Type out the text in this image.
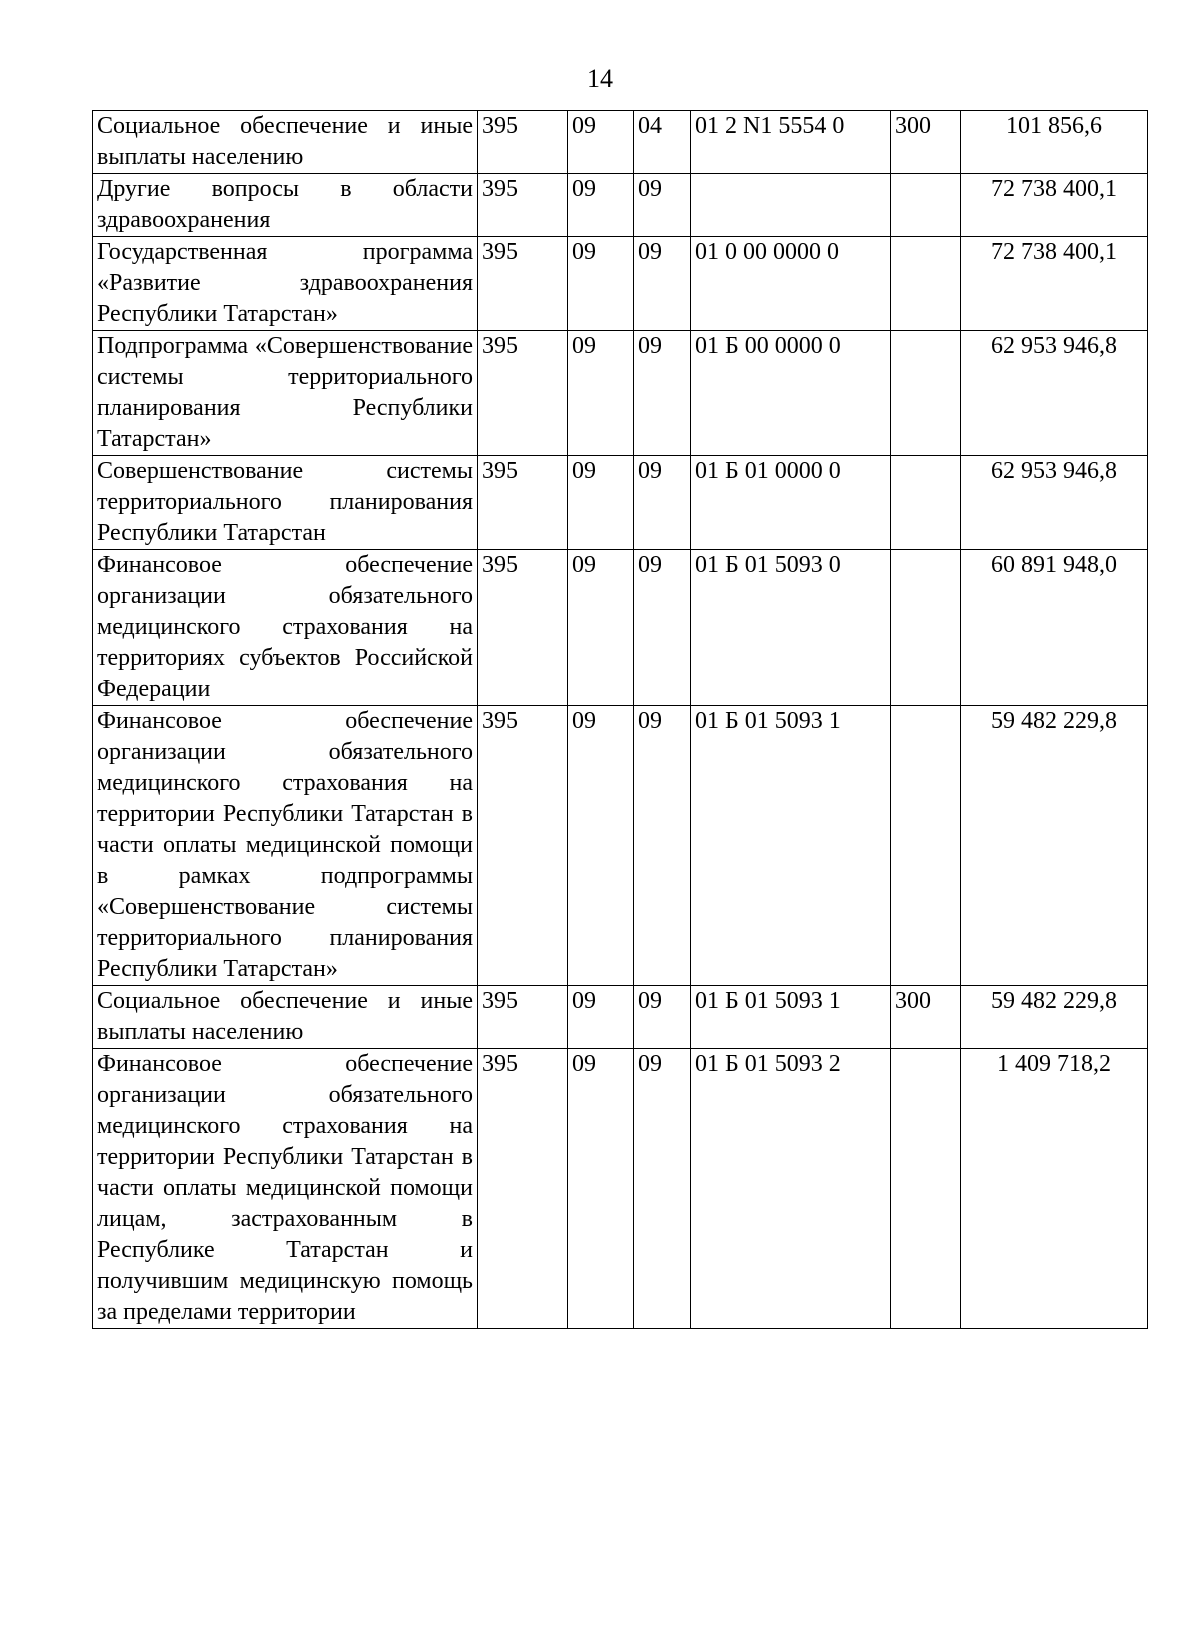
14
Социальное обеспечение и иные выплаты населению	395	09	04	01 2 N1 5554 0	300	101 856,6
Другие вопросы в области здравоохранения	395	09	09			72 738 400,1
Государственная программа «Развитие здравоохранения Республики Татарстан»	395	09	09	01 0 00 0000 0		72 738 400,1
Подпрограмма «Совершенствование системы территориального планирования Республики Татарстан»	395	09	09	01 Б 00 0000 0		62 953 946,8
Совершенствование системы территориального планирования Республики Татарстан	395	09	09	01 Б 01 0000 0		62 953 946,8
Финансовое обеспечение организации обязательного медицинского страхования на территориях субъектов Российской Федерации	395	09	09	01 Б 01 5093 0		60 891 948,0
Финансовое обеспечение организации обязательного медицинского страхования на территории Республики Татарстан в части оплаты медицинской помощи в рамках подпрограммы «Совершенствование системы территориального планирования Республики Татарстан»	395	09	09	01 Б 01 5093 1		59 482 229,8
Социальное обеспечение и иные выплаты населению	395	09	09	01 Б 01 5093 1	300	59 482 229,8
Финансовое обеспечение организации обязательного медицинского страхования на территории Республики Татарстан в части оплаты медицинской помощи лицам, застрахованным в Республике Татарстан и получившим медицинскую помощь за пределами территории	395	09	09	01 Б 01 5093 2		1 409 718,2
